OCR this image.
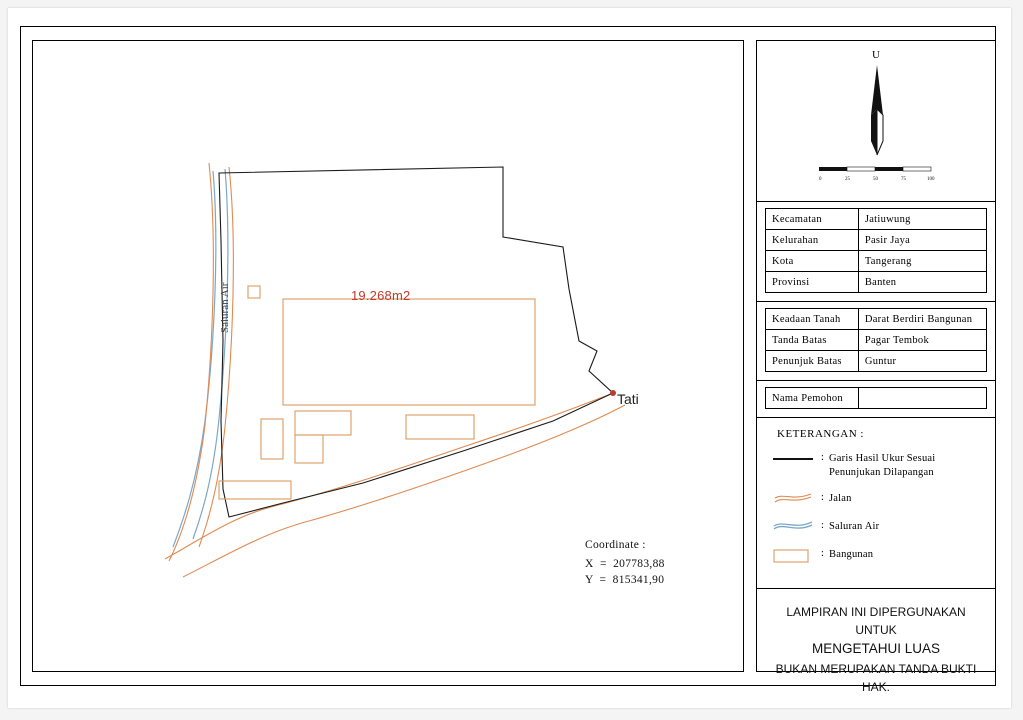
19.268m2
Tati
Saluran Air
Coordinate :
X  =  207783,88
Y  =  815341,90
U
0	25	50	75	100
Kecamatan	Jatiuwung
Kelurahan	Pasir Jaya
Kota	Tangerang
Provinsi	Banten
Keadaan Tanah	Darat Berdiri Bangunan
Tanda Batas	Pagar Tembok
Penunjuk Batas	Guntur
Nama Pemohon	
KETERANGAN :
: Garis Hasil Ukur Sesuai
Penunjukan Dilapangan
: Jalan
: Saluran Air
: Bangunan
LAMPIRAN INI DIPERGUNAKAN UNTUK
MENGETAHUI LUAS
BUKAN MERUPAKAN TANDA BUKTI HAK.
